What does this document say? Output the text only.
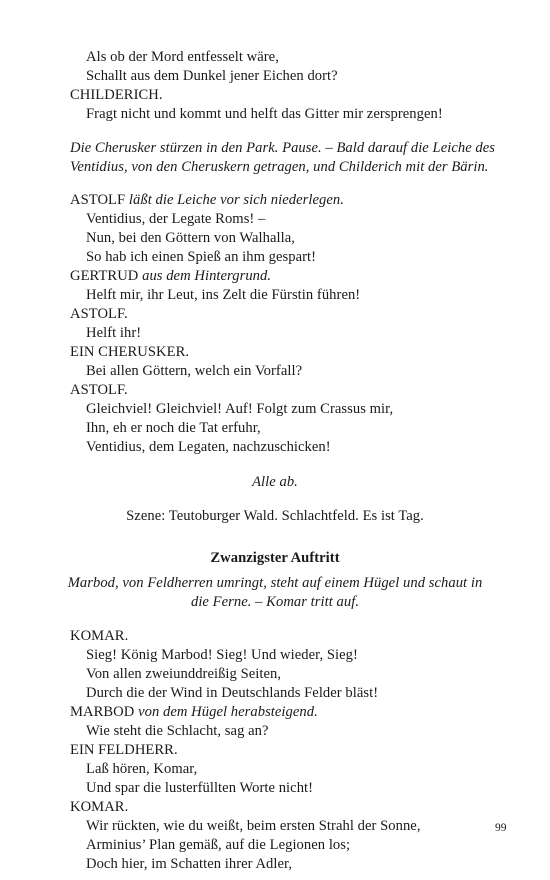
Als ob der Mord entfesselt wäre,
Schallt aus dem Dunkel jener Eichen dort?
CHILDERICH.
Fragt nicht und kommt und helft das Gitter mir zersprengen!
Die Cherusker stürzen in den Park. Pause. – Bald darauf die Leiche des
Ventidius, von den Cheruskern getragen, und Childerich mit der Bärin.
ASTOLF läßt die Leiche vor sich niederlegen.
Ventidius, der Legate Roms! –
Nun, bei den Göttern von Walhalla,
So hab ich einen Spieß an ihm gespart!
GERTRUD aus dem Hintergrund.
Helft mir, ihr Leut, ins Zelt die Fürstin führen!
ASTOLF.
Helft ihr!
EIN CHERUSKER.
Bei allen Göttern, welch ein Vorfall?
ASTOLF.
Gleichviel! Gleichviel! Auf! Folgt zum Crassus mir,
Ihn, eh er noch die Tat erfuhr,
Ventidius, dem Legaten, nachzuschicken!
Alle ab.
Szene: Teutoburger Wald. Schlachtfeld. Es ist Tag.
Zwanzigster Auftritt
Marbod, von Feldherren umringt, steht auf einem Hügel und schaut in
die Ferne. – Komar tritt auf.
KOMAR.
Sieg! König Marbod! Sieg! Und wieder, Sieg!
Von allen zweiunddreißig Seiten,
Durch die der Wind in Deutschlands Felder bläst!
MARBOD von dem Hügel herabsteigend.
Wie steht die Schlacht, sag an?
EIN FELDHERR.
Laß hören, Komar,
Und spar die lusterfüllten Worte nicht!
KOMAR.
Wir rückten, wie du weißt, beim ersten Strahl der Sonne,
Arminius’ Plan gemäß, auf die Legionen los;
Doch hier, im Schatten ihrer Adler,
99
